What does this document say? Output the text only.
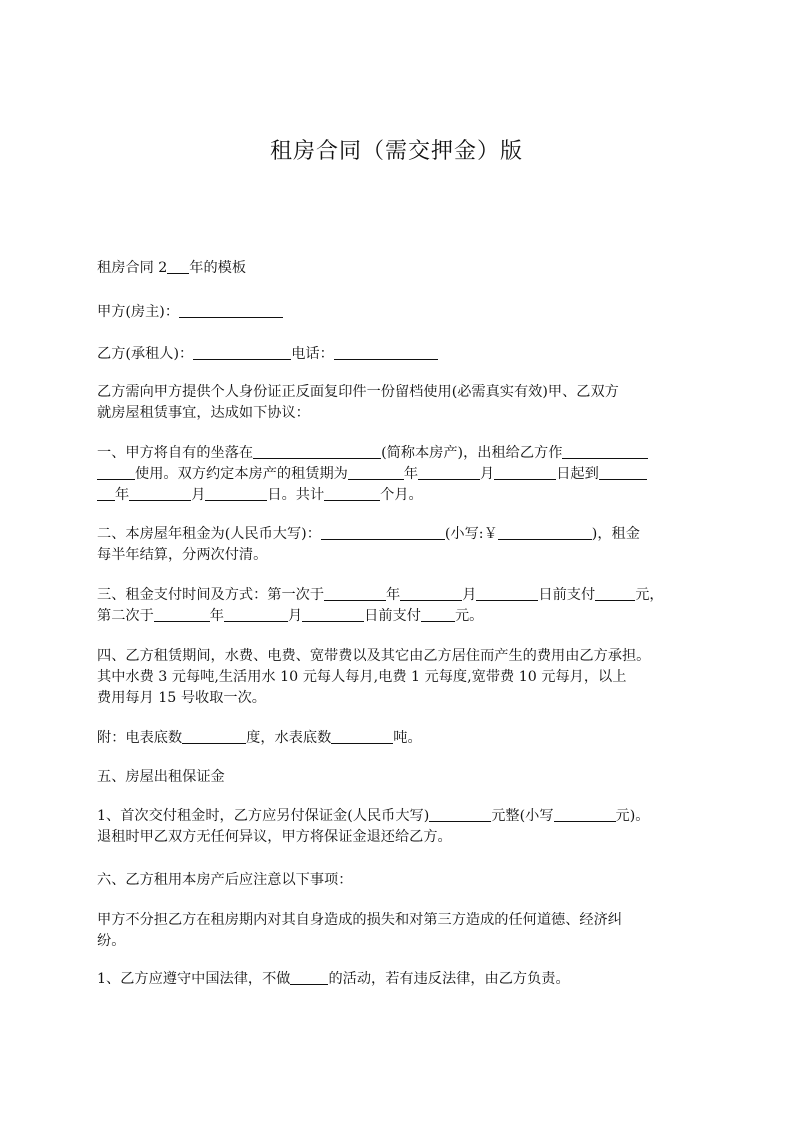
租房合同（需交押金）版
租房合同 2 年的模板
甲方(房主)：
乙方(承租人)：	电话：
乙方需向甲方提供个人身份证正反面复印件一份留档使用(必需真实有效)甲、乙双方
就房屋租赁事宜，达成如下协议：
一、甲方将自有的坐落在	(简称本房产)，出租给乙方作
使用。双方约定本房产的租赁期为	年	月	日起到
年	月	日。共计	个月。
二、本房屋年租金为(人民币大写)：	(小写:￥	)，租金
每半年结算，分两次付清。
三、租金支付时间及方式：第一次于	年	月	日前支付	元，
第二次于	年	月	日前支付 元。
四、乙方租赁期间，水费、电费、宽带费以及其它由乙方居住而产生的费用由乙方承担。
其中水费 3 元每吨,生活用水 10 元每人每月,电费 1 元每度,宽带费 10 元每月，以上
费用每月 15 号收取一次。
附：电表底数	度，水表底数	吨。
五、房屋出租保证金
1、首次交付租金时，乙方应另付保证金(人民币大写)	元整(小写	元)。
退租时甲乙双方无任何异议，甲方将保证金退还给乙方。
六、乙方租用本房产后应注意以下事项：
甲方不分担乙方在租房期内对其自身造成的损失和对第三方造成的任何道德、经济纠
纷。
1、乙方应遵守中国法律，不做	的活动，若有违反法律，由乙方负责。
